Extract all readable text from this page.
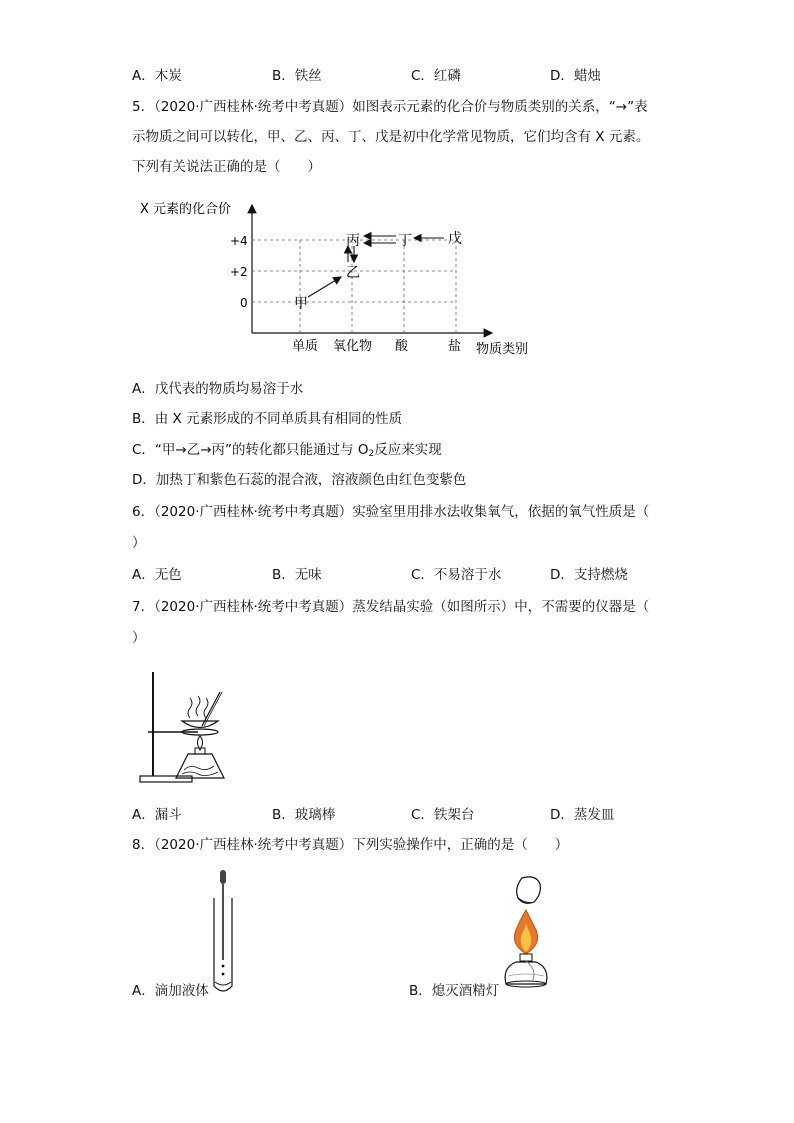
A．木炭	B．铁丝	C．红磷	D．蜡烛
5．（2020·广西桂林·统考中考真题）如图表示元素的化合价与物质类别的关系，“→”表
示物质之间可以转化，甲、乙、丙、丁、戊是初中化学常见物质，它们均含有 X 元素。
下列有关说法正确的是（　　）
X 元素的化合价
物质类别
+4
+2
0
单质 氧化物 酸	盐
甲
乙
丙	丁	戊
A．戊代表的物质均易溶于水
B．由 X 元素形成的不同单质具有相同的性质
C．“甲→乙→丙”的转化都只能通过与 $O_2$反应来实现
D．加热丁和紫色石蕊的混合液，溶液颜色由红色变紫色
6．（2020·广西桂林·统考中考真题）实验室里用排水法收集氧气，依据的氧气性质是（
）
A．无色	B．无味	C．不易溶于水	D．支持燃烧
7．（2020·广西桂林·统考中考真题）蒸发结晶实验（如图所示）中，不需要的仪器是（
）
A．漏斗	B．玻璃棒	C．铁架台	D．蒸发皿
8．（2020·广西桂林·统考中考真题）下列实验操作中，正确的是（　　）
A．滴加液体	B．熄灭酒精灯
